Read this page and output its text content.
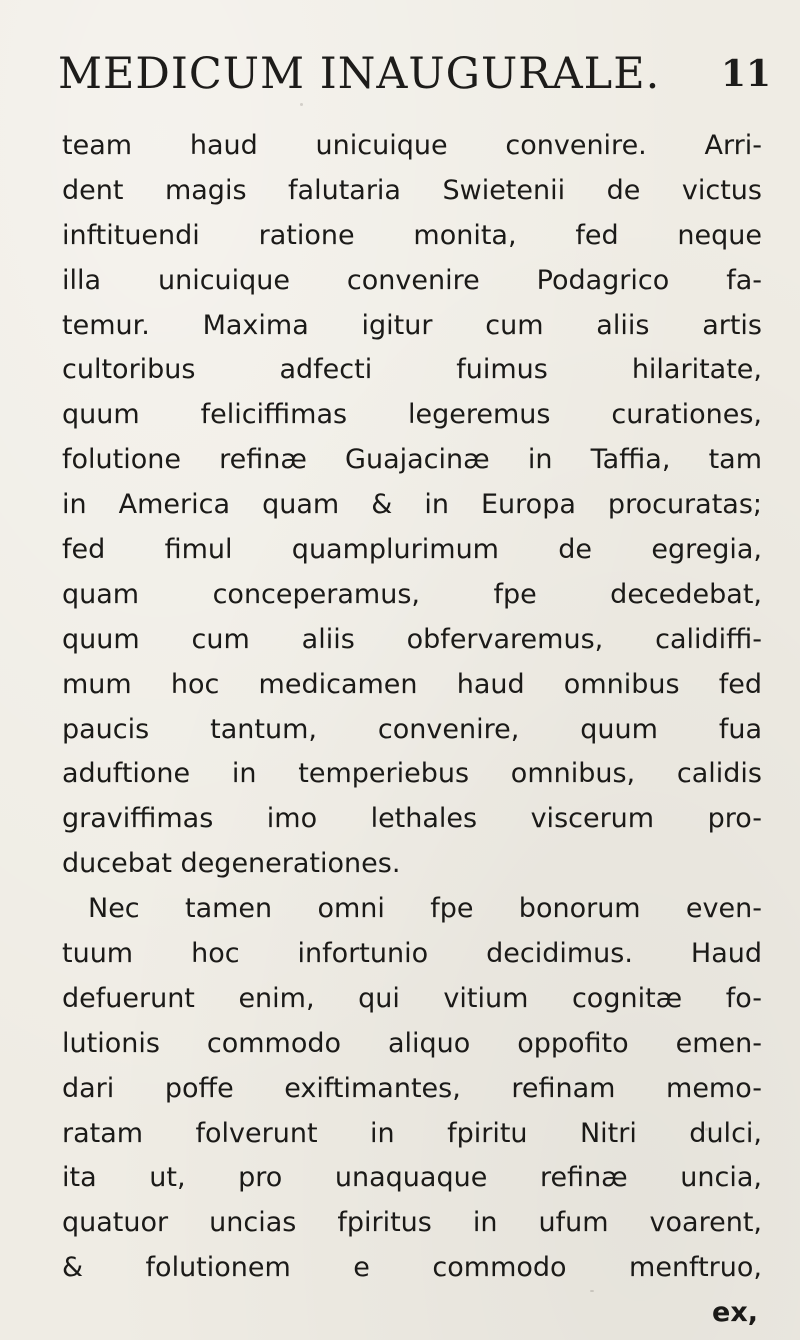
MEDICUM INAUGURALE. 11
team haud unicuique convenire. Arri-
dent magis falutaria Swietenii de victus
inftituendi ratione monita, fed neque
illa unicuique convenire Podagrico fa-
temur. Maxima igitur cum aliis artis
cultoribus adfecti fuimus hilaritate,
quum feliciffimas legeremus curationes,
folutione refinæ Guajacinæ in Taffia, tam
in America quam & in Europa procuratas;
fed fimul quamplurimum de egregia,
quam conceperamus, fpe decedebat,
quum cum aliis obfervaremus, calidiffi-
mum hoc medicamen haud omnibus fed
paucis tantum, convenire, quum fua
aduftione in temperiebus omnibus, calidis
graviffimas imo lethales viscerum pro-
ducebat degenerationes.
Nec tamen omni fpe bonorum even-
tuum hoc infortunio decidimus. Haud
defuerunt enim, qui vitium cognitæ fo-
lutionis commodo aliquo oppofito emen-
dari poffe exiftimantes, refinam memo-
ratam folverunt in fpiritu Nitri dulci,
ita ut, pro unaquaque refinæ uncia,
quatuor uncias fpiritus in ufum voarent,
& folutionem e commodo menftruo,
ex,
